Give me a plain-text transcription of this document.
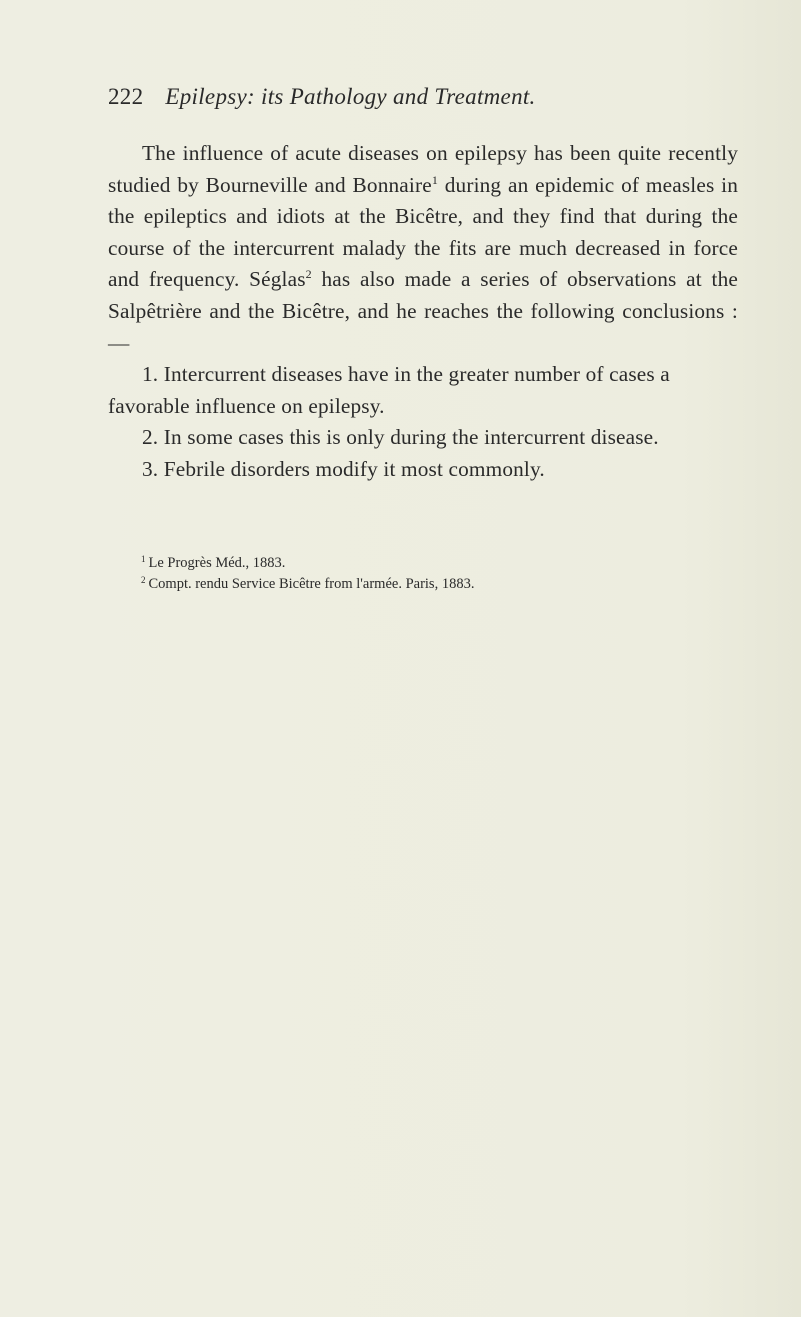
222 Epilepsy: its Pathology and Treatment.

The influence of acute diseases on epilepsy has been quite recently studied by Bourneville and Bonnaire$^1$ during an epidemic of measles in the epileptics and idiots at the Bicêtre, and they find that during the course of the intercurrent malady the fits are much decreased in force and frequency. Séglas$^2$ has also made a series of observations at the Salpêtrière and the Bicêtre, and he reaches the following conclusions :—

1. Intercurrent diseases have in the greater number of cases a favorable influence on epilepsy.

2. In some cases this is only during the intercurrent disease.

3. Febrile disorders modify it most commonly.

$^1$ Le Progrès Méd., 1883.

$^2$ Compt. rendu Service Bicêtre from l'armée. Paris, 1883.
